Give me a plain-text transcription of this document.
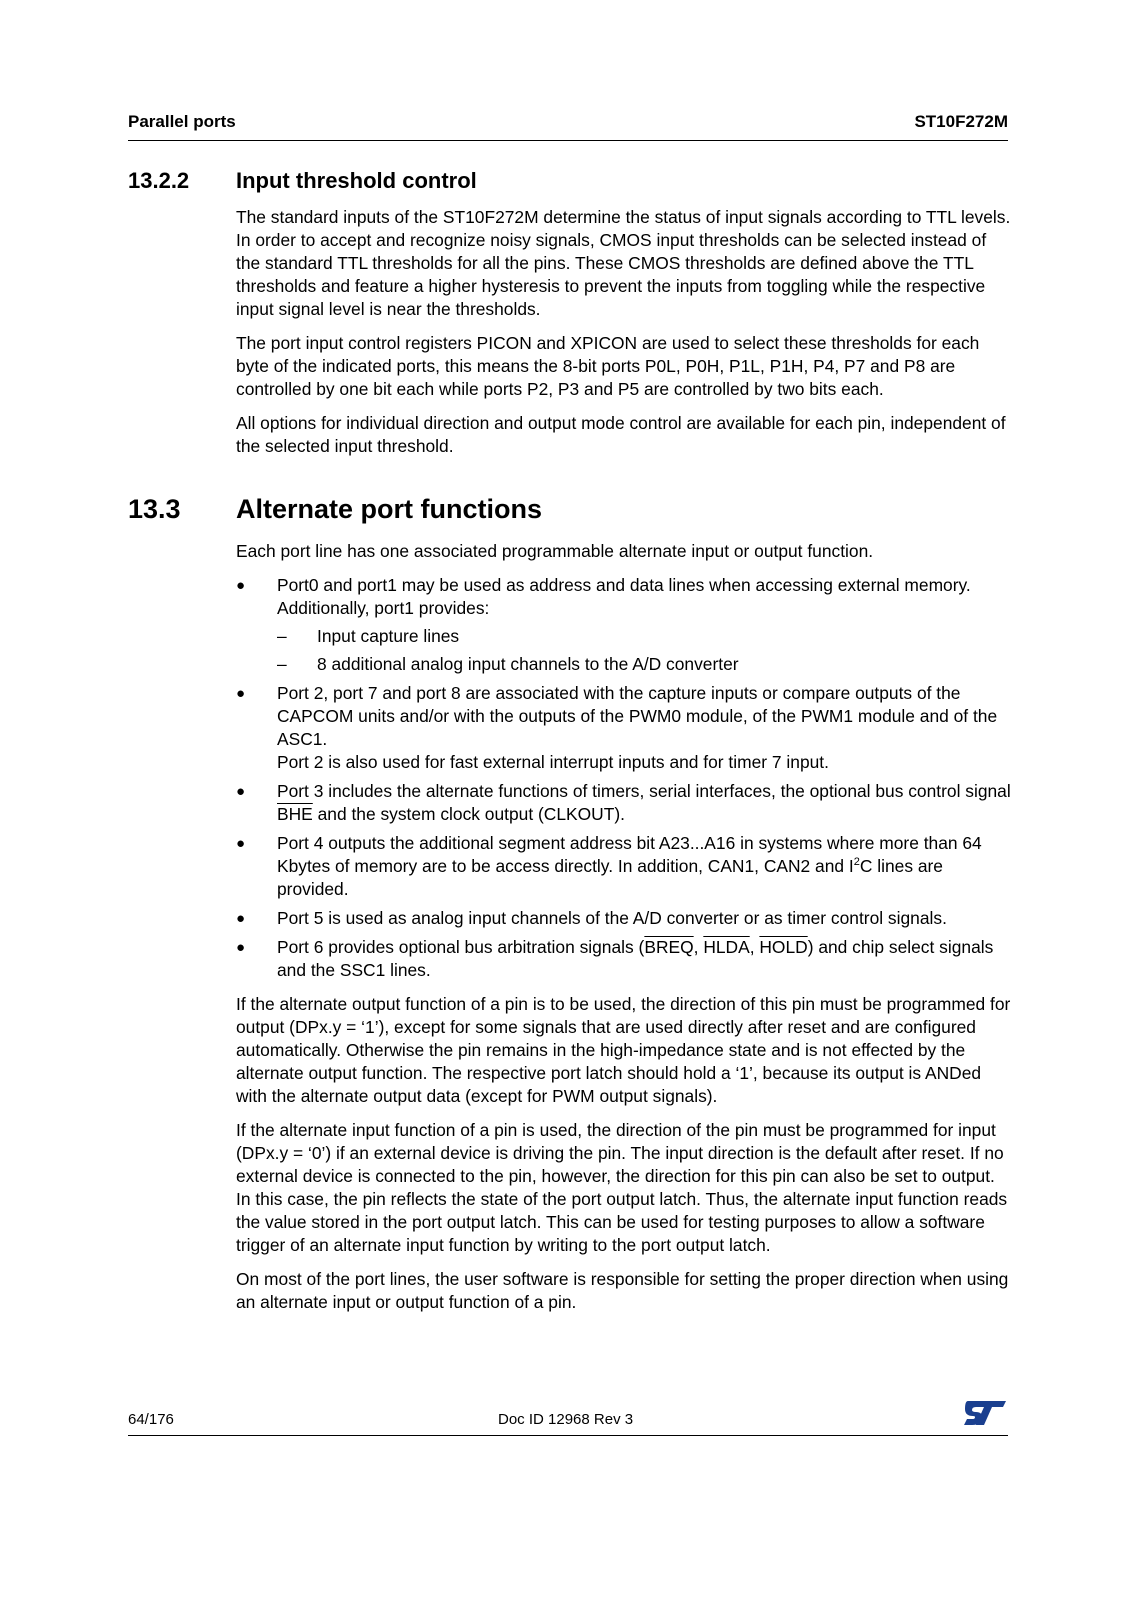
Parallel ports	ST10F272M
13.2.2 Input threshold control

The standard inputs of the ST10F272M determine the status of input signals according to TTL levels. In order to accept and recognize noisy signals, CMOS input thresholds can be selected instead of the standard TTL thresholds for all the pins. These CMOS thresholds are defined above the TTL thresholds and feature a higher hysteresis to prevent the inputs from toggling while the respective input signal level is near the thresholds.

The port input control registers PICON and XPICON are used to select these thresholds for each byte of the indicated ports, this means the 8-bit ports P0L, P0H, P1L, P1H, P4, P7 and P8 are controlled by one bit each while ports P2, P3 and P5 are controlled by two bits each.

All options for individual direction and output mode control are available for each pin, independent of the selected input threshold.

13.3 Alternate port functions

Each port line has one associated programmable alternate input or output function.

● Port0 and port1 may be used as address and data lines when accessing external memory. Additionally, port1 provides:
– Input capture lines
– 8 additional analog input channels to the A/D converter
● Port 2, port 7 and port 8 are associated with the capture inputs or compare outputs of the CAPCOM units and/or with the outputs of the PWM0 module, of the PWM1 module and of the ASC1.
Port 2 is also used for fast external interrupt inputs and for timer 7 input.
● Port 3 includes the alternate functions of timers, serial interfaces, the optional bus control signal $\overline{BHE}$ and the system clock output (CLKOUT).
● Port 4 outputs the additional segment address bit A23...A16 in systems where more than 64 Kbytes of memory are to be access directly. In addition, CAN1, CAN2 and $I^2C$ lines are provided.
● Port 5 is used as analog input channels of the A/D converter or as timer control signals.
● Port 6 provides optional bus arbitration signals (BREQ, HLDA, HOLD) and chip select signals and the SSC1 lines.

If the alternate output function of a pin is to be used, the direction of this pin must be programmed for output (DPx.y = ‘1’), except for some signals that are used directly after reset and are configured automatically. Otherwise the pin remains in the high-impedance state and is not effected by the alternate output function. The respective port latch should hold a ‘1’, because its output is ANDed with the alternate output data (except for PWM output signals).

If the alternate input function of a pin is used, the direction of the pin must be programmed for input (DPx.y = ‘0’) if an external device is driving the pin. The input direction is the default after reset. If no external device is connected to the pin, however, the direction for this pin can also be set to output. In this case, the pin reflects the state of the port output latch. Thus, the alternate input function reads the value stored in the port output latch. This can be used for testing purposes to allow a software trigger of an alternate input function by writing to the port output latch.

On most of the port lines, the user software is responsible for setting the proper direction when using an alternate input or output function of a pin.

64/176	Doc ID 12968 Rev 3
